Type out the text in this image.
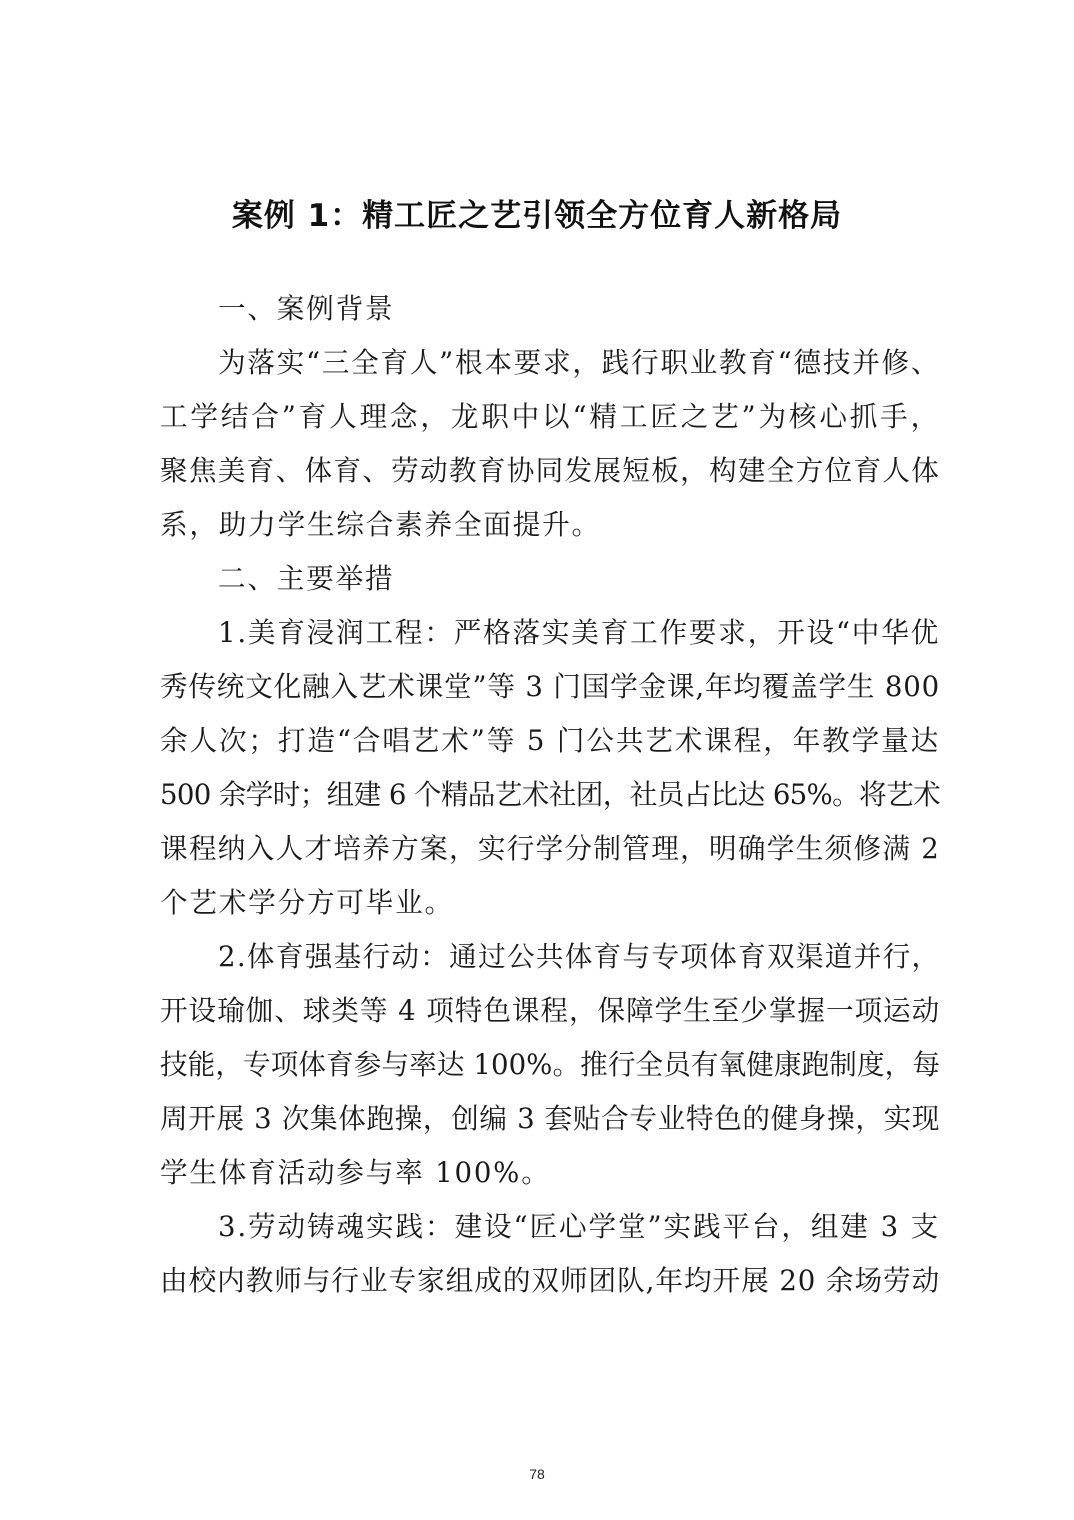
案例 1：精工匠之艺引领全方位育人新格局

一、案例背景

为落实“三全育人”根本要求，践行职业教育“德技并修、

工学结合”育人理念，龙职中以“精工匠之艺”为核心抓手，

聚焦美育、体育、劳动教育协同发展短板，构建全方位育人体

系，助力学生综合素养全面提升。

二、主要举措

1.美育浸润工程：严格落实美育工作要求，开设“中华优

秀传统文化融入艺术课堂”等 3 门国学金课,年均覆盖学生 800

余人次；打造“合唱艺术”等 5 门公共艺术课程，年教学量达

500 余学时；组建 6 个精品艺术社团，社员占比达 65%。将艺术

课程纳入人才培养方案，实行学分制管理，明确学生须修满 2

个艺术学分方可毕业。

2.体育强基行动：通过公共体育与专项体育双渠道并行，

开设瑜伽、球类等 4 项特色课程，保障学生至少掌握一项运动

技能，专项体育参与率达 100%。推行全员有氧健康跑制度，每

周开展 3 次集体跑操，创编 3 套贴合专业特色的健身操，实现

学生体育活动参与率 100%。

3.劳动铸魂实践：建设“匠心学堂”实践平台，组建 3 支

由校内教师与行业专家组成的双师团队,年均开展 20 余场劳动

78
